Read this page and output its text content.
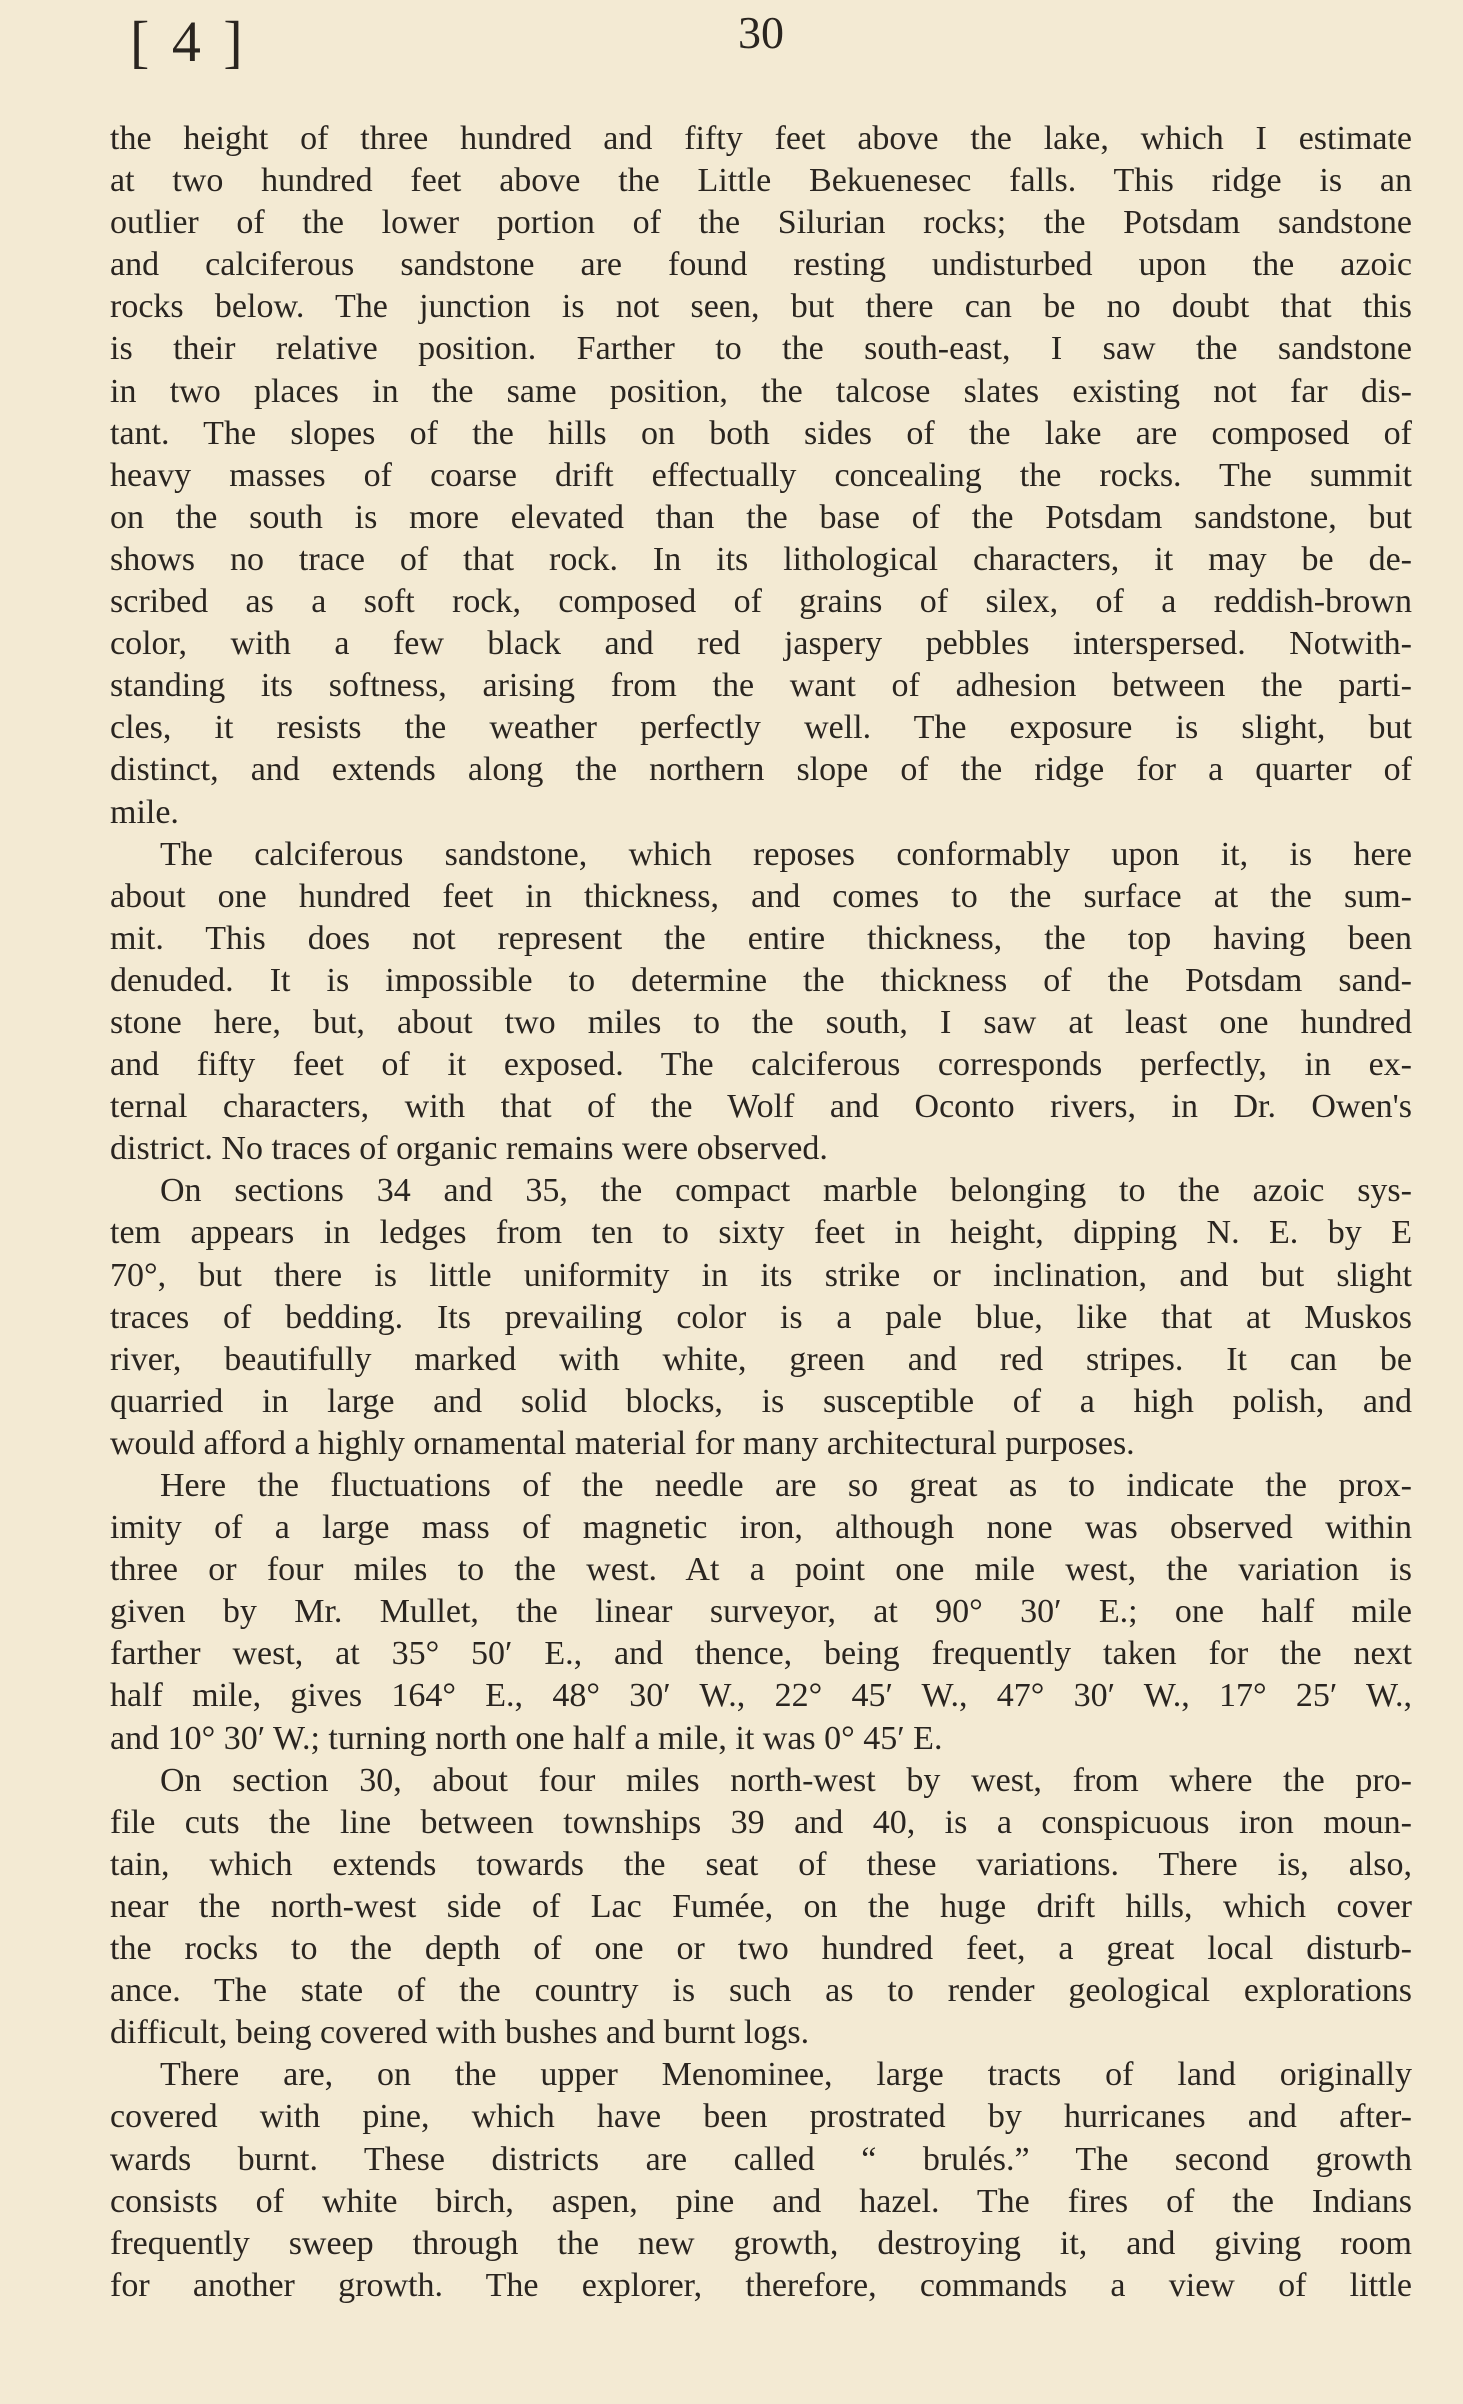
[ 4 ]	30
the height of three hundred and fifty feet above the lake, which I estimate
at two hundred feet above the Little Bekuenesec falls. This ridge is an
outlier of the lower portion of the Silurian rocks; the Potsdam sandstone
and calciferous sandstone are found resting undisturbed upon the azoic
rocks below. The junction is not seen, but there can be no doubt that this
is their relative position. Farther to the south-east, I saw the sandstone
in two places in the same position, the talcose slates existing not far dis-
tant. The slopes of the hills on both sides of the lake are composed of
heavy masses of coarse drift effectually concealing the rocks. The summit
on the south is more elevated than the base of the Potsdam sandstone, but
shows no trace of that rock. In its lithological characters, it may be de-
scribed as a soft rock, composed of grains of silex, of a reddish-brown
color, with a few black and red jaspery pebbles interspersed. Notwith-
standing its softness, arising from the want of adhesion between the parti-
cles, it resists the weather perfectly well. The exposure is slight, but
distinct, and extends along the northern slope of the ridge for a quarter of
mile.
The calciferous sandstone, which reposes conformably upon it, is here
about one hundred feet in thickness, and comes to the surface at the sum-
mit. This does not represent the entire thickness, the top having been
denuded. It is impossible to determine the thickness of the Potsdam sand-
stone here, but, about two miles to the south, I saw at least one hundred
and fifty feet of it exposed. The calciferous corresponds perfectly, in ex-
ternal characters, with that of the Wolf and Oconto rivers, in Dr. Owen's
district. No traces of organic remains were observed.
On sections 34 and 35, the compact marble belonging to the azoic sys-
tem appears in ledges from ten to sixty feet in height, dipping N. E. by E
70°, but there is little uniformity in its strike or inclination, and but slight
traces of bedding. Its prevailing color is a pale blue, like that at Muskos
river, beautifully marked with white, green and red stripes. It can be
quarried in large and solid blocks, is susceptible of a high polish, and
would afford a highly ornamental material for many architectural purposes.
Here the fluctuations of the needle are so great as to indicate the prox-
imity of a large mass of magnetic iron, although none was observed within
three or four miles to the west. At a point one mile west, the variation is
given by Mr. Mullet, the linear surveyor, at 90° 30′ E.; one half mile
farther west, at 35° 50′ E., and thence, being frequently taken for the next
half mile, gives 164° E., 48° 30′ W., 22° 45′ W., 47° 30′ W., 17° 25′ W.,
and 10° 30′ W.; turning north one half a mile, it was 0° 45′ E.
On section 30, about four miles north-west by west, from where the pro-
file cuts the line between townships 39 and 40, is a conspicuous iron moun-
tain, which extends towards the seat of these variations. There is, also,
near the north-west side of Lac Fumée, on the huge drift hills, which cover
the rocks to the depth of one or two hundred feet, a great local disturb-
ance. The state of the country is such as to render geological explorations
difficult, being covered with bushes and burnt logs.
There are, on the upper Menominee, large tracts of land originally
covered with pine, which have been prostrated by hurricanes and after-
wards burnt. These districts are called “ brulés.” The second growth
consists of white birch, aspen, pine and hazel. The fires of the Indians
frequently sweep through the new growth, destroying it, and giving room
for another growth. The explorer, therefore, commands a view of little
